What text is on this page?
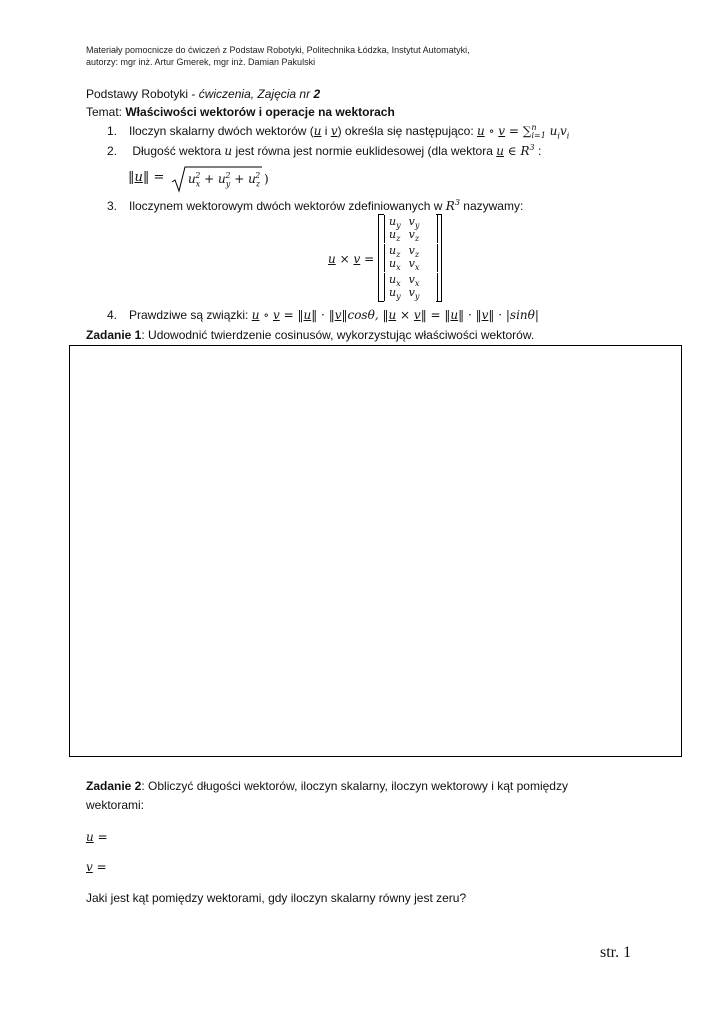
Materiały pomocnicze do ćwiczeń z Podstaw Robotyki, Politechnika Łódzka, Instytut Automatyki,
autorzy: mgr inż. Artur Gmerek, mgr inż. Damian Pakulski
Podstawy Robotyki - ćwiczenia, Zajęcia nr 2
Temat: Właściwości wektorów i operacje na wektorach
1. Iloczyn skalarny dwóch wektorów (u i v) określa się następująco: u ∘ v = ∑$^n_{i=1}$ $u_iv_i$
2. Długość wektora u jest równa jest normie euklidesowej (dla wektora u ∈ $R^3$ :
‖u‖ = $u_x^2 + u_y^2 + u_z^2$ )
3. Iloczynem wektorowym dwóch wektorów zdefiniowanych w $R^3$ nazywamy:
u × v =
$u_y$	$v_y$
$u_z$	$v_z$
$u_z$	$v_z$
$u_x$	$v_x$
$u_x$	$v_x$
$u_y$	$v_y$
4. Prawdziwe są związki: u ∘ v = ‖u‖ · ‖v‖cosθ, ‖u × v‖ = ‖u‖ · ‖v‖ · |sinθ|
Zadanie 1: Udowodnić twierdzenie cosinusów, wykorzystując właściwości wektorów.
Zadanie 2: Obliczyć długości wektorów, iloczyn skalarny, iloczyn wektorowy i kąt pomiędzy
wektorami:
u =
v =
Jaki jest kąt pomiędzy wektorami, gdy iloczyn skalarny równy jest zeru?
str. 1
